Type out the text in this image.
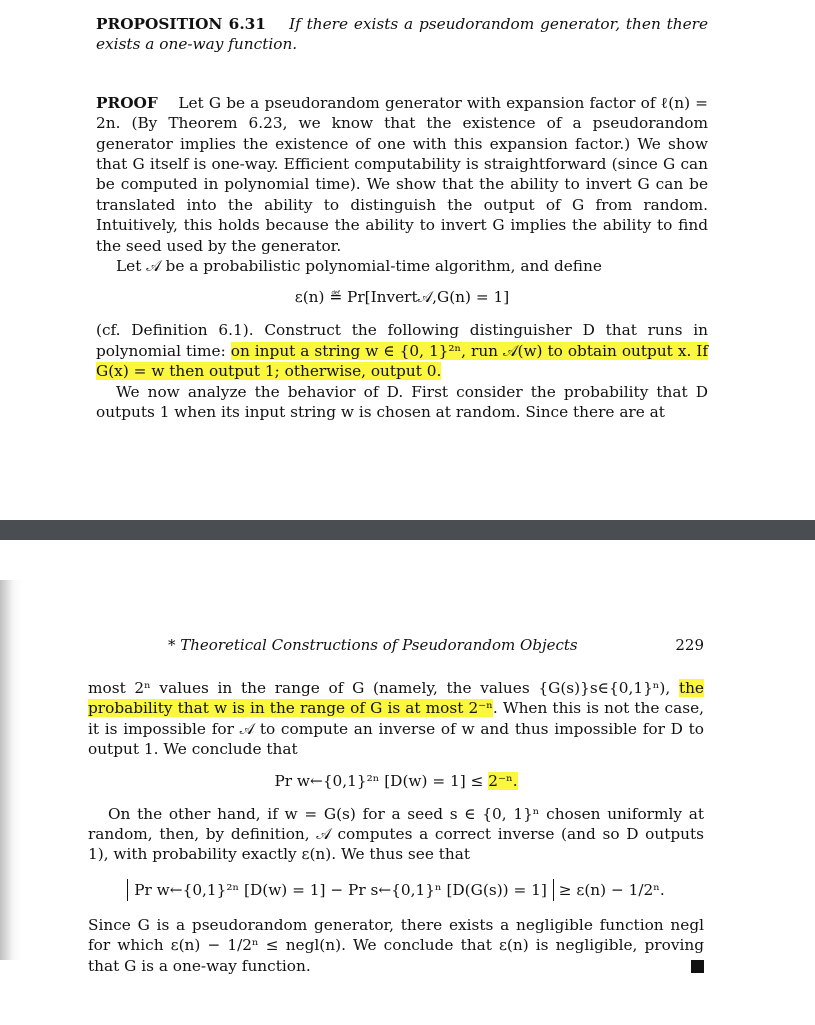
PROPOSITION 6.31 If there exists a pseudorandom generator, then there exists a one-way function.

PROOF Let G be a pseudorandom generator with expansion factor of ℓ(n) = 2n. (By Theorem 6.23, we know that the existence of a pseudorandom generator implies the existence of one with this expansion factor.) We show that G itself is one-way. Efficient computability is straightforward (since G can be computed in polynomial time). We show that the ability to invert G can be translated into the ability to distinguish the output of G from random. Intuitively, this holds because the ability to invert G implies the ability to find the seed used by the generator.

Let 𝒜 be a probabilistic polynomial-time algorithm, and define

ε(n) ≝ Pr[Invert𝒜,G(n) = 1]

(cf. Definition 6.1). Construct the following distinguisher D that runs in polynomial time: on input a string w ∈ {0, 1}²ⁿ, run 𝒜(w) to obtain output x. If G(x) = w then output 1; otherwise, output 0.

We now analyze the behavior of D. First consider the probability that D outputs 1 when its input string w is chosen at random. Since there are at

* Theoretical Constructions of Pseudorandom Objects	229

most 2ⁿ values in the range of G (namely, the values {G(s)}s∈{0,1}ⁿ), the probability that w is in the range of G is at most 2⁻ⁿ. When this is not the case, it is impossible for 𝒜 to compute an inverse of w and thus impossible for D to output 1. We conclude that

Pr w←{0,1}²ⁿ [D(w) = 1] ≤ 2⁻ⁿ.

On the other hand, if w = G(s) for a seed s ∈ {0, 1}ⁿ chosen uniformly at random, then, by definition, 𝒜 computes a correct inverse (and so D outputs 1), with probability exactly ε(n). We thus see that

Pr w←{0,1}²ⁿ [D(w) = 1] − Pr s←{0,1}ⁿ [D(G(s)) = 1] ≥ ε(n) − 1/2ⁿ.

Since G is a pseudorandom generator, there exists a negligible function negl for which ε(n) − 1/2ⁿ ≤ negl(n). We conclude that ε(n) is negligible, proving that G is a one-way function.
